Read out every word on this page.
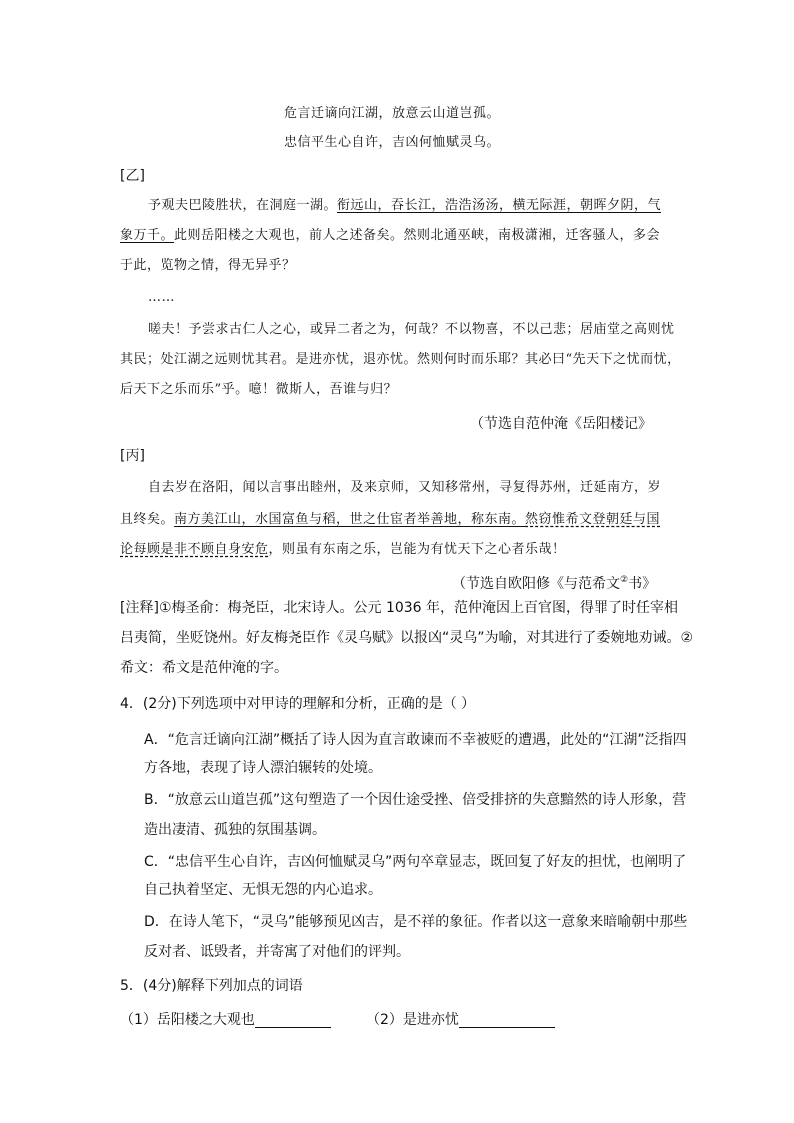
危言迁谪向江湖，放意云山道岂孤。
忠信平生心自许，吉凶何恤赋灵乌。
[乙]
予观夫巴陵胜状，在洞庭一湖。衔远山，吞长江，浩浩汤汤，横无际涯，朝晖夕阴，气
象万千。此则岳阳楼之大观也，前人之述备矣。然则北通巫峡，南极潇湘，迁客骚人，多会
于此，览物之情，得无异乎？
……
嗟夫！予尝求古仁人之心，或异二者之为，何哉？不以物喜，不以己悲；居庙堂之高则忧
其民；处江湖之远则忧其君。是进亦忧，退亦忧。然则何时而乐耶？其必曰“先天下之忧而忧，
后天下之乐而乐”乎。噫！微斯人，吾谁与归？
（节选自范仲淹《岳阳楼记》
[丙]
自去岁在洛阳，闻以言事出睦州，及来京师，又知移常州，寻复得苏州，迁延南方，岁
且终矣。南方美江山，水国富鱼与稻，世之仕宦者举善地，称东南。然窃惟希文登朝廷与国
论每顾是非不顾自身安危，则虽有东南之乐，岂能为有忧天下之心者乐哉！
（节选自欧阳修《与范希文②书》
[注释]①梅圣俞：梅尧臣，北宋诗人。公元 1036 年，范仲淹因上百官图，得罪了时任宰相
吕夷简，坐贬饶州。好友梅尧臣作《灵乌赋》以报凶“灵乌”为喻，对其进行了委婉地劝诫。②
希文：希文是范仲淹的字。
4．(2分)下列选项中对甲诗的理解和分析，正确的是（ ）
A．“危言迁谪向江湖”概括了诗人因为直言敢谏而不幸被贬的遭遇，此处的“江湖”泛指四
方各地，表现了诗人漂泊辗转的处境。
B．“放意云山道岂孤”这句塑造了一个因仕途受挫、倍受排挤的失意黯然的诗人形象，营
造出凄清、孤独的氛围基调。
C．“忠信平生心自许，吉凶何恤赋灵乌”两句卒章显志，既回复了好友的担忧，也阐明了
自己执着坚定、无惧无怨的内心追求。
D．在诗人笔下，“灵乌”能够预见凶吉，是不祥的象征。作者以这一意象来暗喻朝中那些
反对者、诋毁者，并寄寓了对他们的评判。
5．(4分)解释下列加点的词语
（1）岳阳楼之大观也	（2）是进亦忧
